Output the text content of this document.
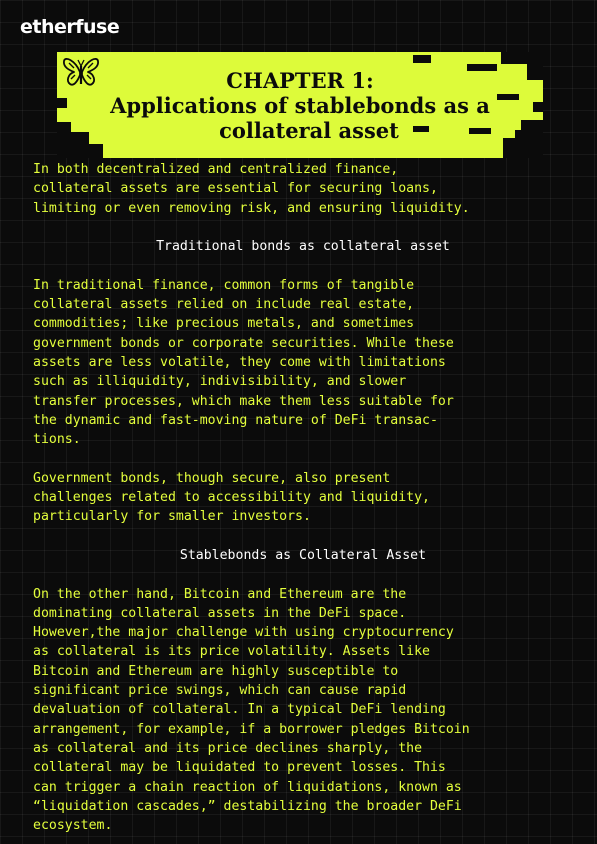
etherfuse
CHAPTER 1:
Applications of stablebonds as a
collateral asset

In both decentralized and centralized finance,

collateral assets are essential for securing loans,

limiting or even removing risk, and ensuring liquidity.

Traditional bonds as collateral asset

In traditional finance, common forms of tangible

collateral assets relied on include real estate,

commodities; like precious metals, and sometimes

government bonds or corporate securities. While these

assets are less volatile, they come with limitations

such as illiquidity, indivisibility, and slower

transfer processes, which make them less suitable for

the dynamic and fast-moving nature of DeFi transac-

tions.

Government bonds, though secure, also present

challenges related to accessibility and liquidity,

particularly for smaller investors.

Stablebonds as Collateral Asset

On the other hand, Bitcoin and Ethereum are the

dominating collateral assets in the DeFi space.

However,the major challenge with using cryptocurrency

as collateral is its price volatility. Assets like

Bitcoin and Ethereum are highly susceptible to

significant price swings, which can cause rapid

devaluation of collateral. In a typical DeFi lending

arrangement, for example, if a borrower pledges Bitcoin

as collateral and its price declines sharply, the

collateral may be liquidated to prevent losses. This

can trigger a chain reaction of liquidations, known as

“liquidation cascades,” destabilizing the broader DeFi

ecosystem.
